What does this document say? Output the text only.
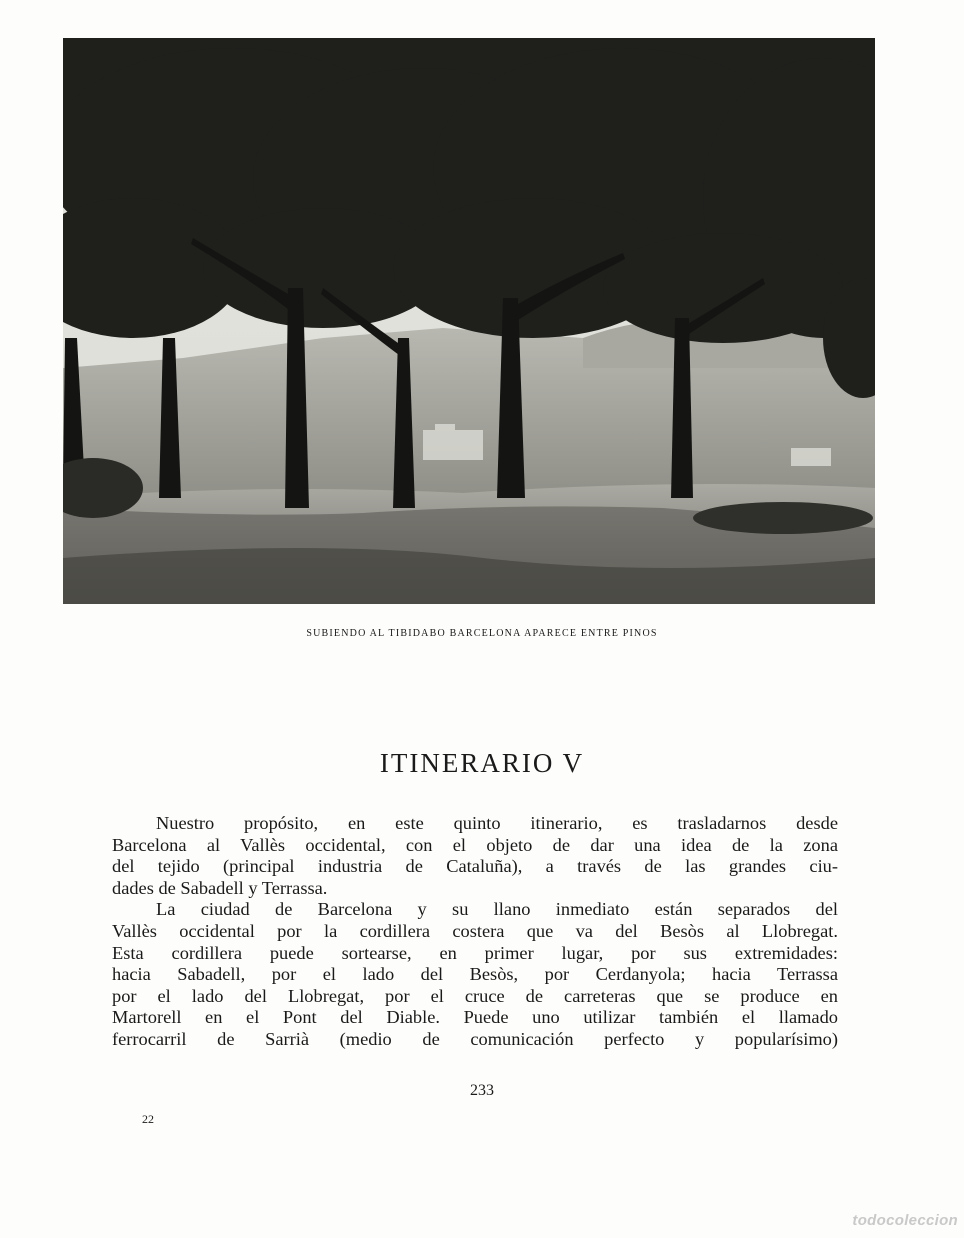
SUBIENDO AL TIBIDABO BARCELONA APARECE ENTRE PINOS
ITINERARIO V
Nuestro propósito, en este quinto itinerario, es trasladarnos desde
Barcelona al Vallès occidental, con el objeto de dar una idea de la zona
del tejido (principal industria de Cataluña), a través de las grandes ciu-
dades de Sabadell y Terrassa.
La ciudad de Barcelona y su llano inmediato están separados del
Vallès occidental por la cordillera costera que va del Besòs al Llobregat.
Esta cordillera puede sortearse, en primer lugar, por sus extremidades:
hacia Sabadell, por el lado del Besòs, por Cerdanyola; hacia Terrassa
por el lado del Llobregat, por el cruce de carreteras que se produce en
Martorell en el Pont del Diable. Puede uno utilizar también el llamado
ferrocarril de Sarrià (medio de comunicación perfecto y popularísimo)
233
22
todocoleccion
